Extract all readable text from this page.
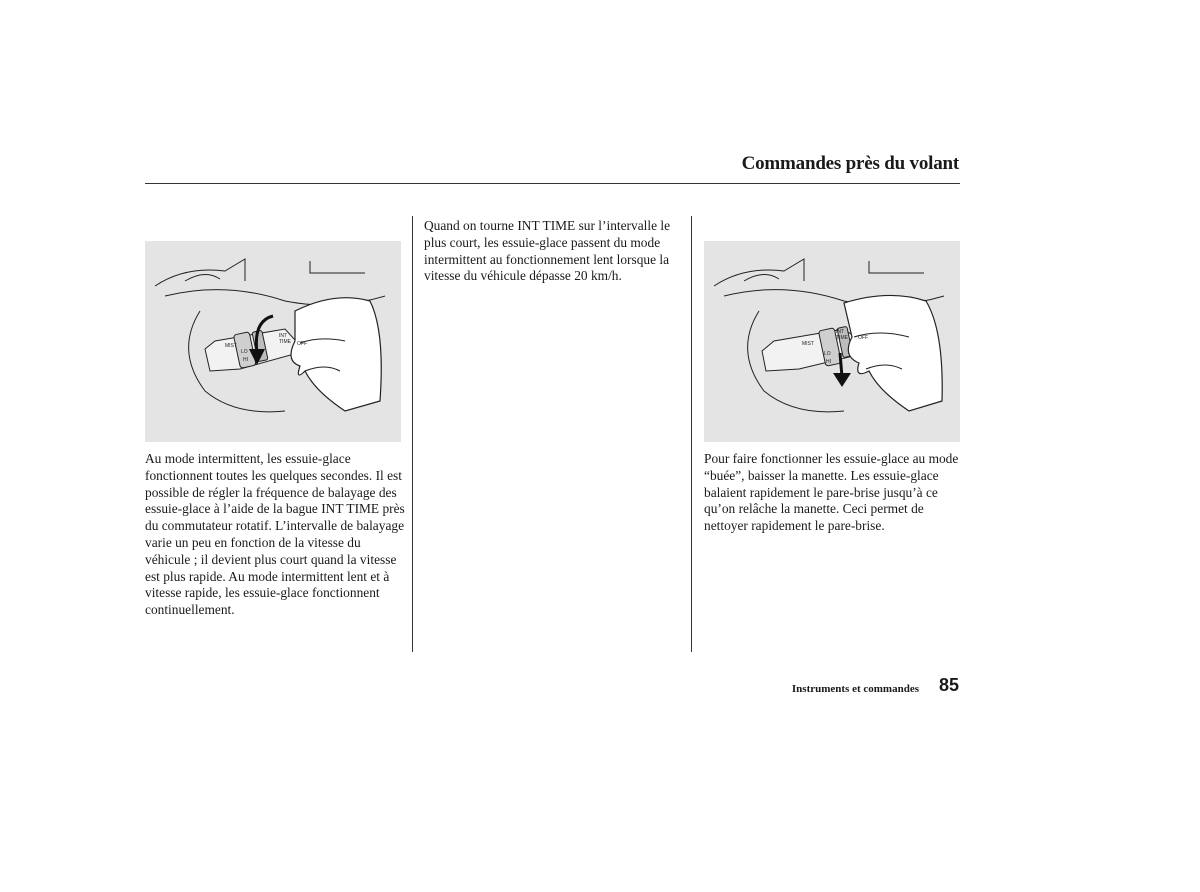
Commandes près du volant
INT
TIME OFF
LO
HI
MIST
INT
TIME OFF
LO
HI
MIST

Au mode intermittent, les essuie-glace fonctionnent toutes les quelques secondes. Il est possible de régler la fréquence de balayage des essuie-glace à l’aide de la bague INT TIME près du commutateur rotatif. L’intervalle de balayage varie un peu en fonction de la vitesse du véhicule ; il devient plus court quand la vitesse est plus rapide. Au mode intermittent lent et à vitesse rapide, les essuie-glace fonctionnent continuellement.

Quand on tourne INT TIME sur l’intervalle le plus court, les essuie-glace passent du mode intermittent au fonctionnement lent lorsque la vitesse du véhicule dépasse 20 km/h.

Pour faire fonctionner les essuie-glace au mode “buée”, baisser la manette. Les essuie-glace balaient rapidement le pare-brise jusqu’à ce qu’on relâche la manette. Ceci permet de nettoyer rapidement le pare-brise.

Instruments et commandes 85
